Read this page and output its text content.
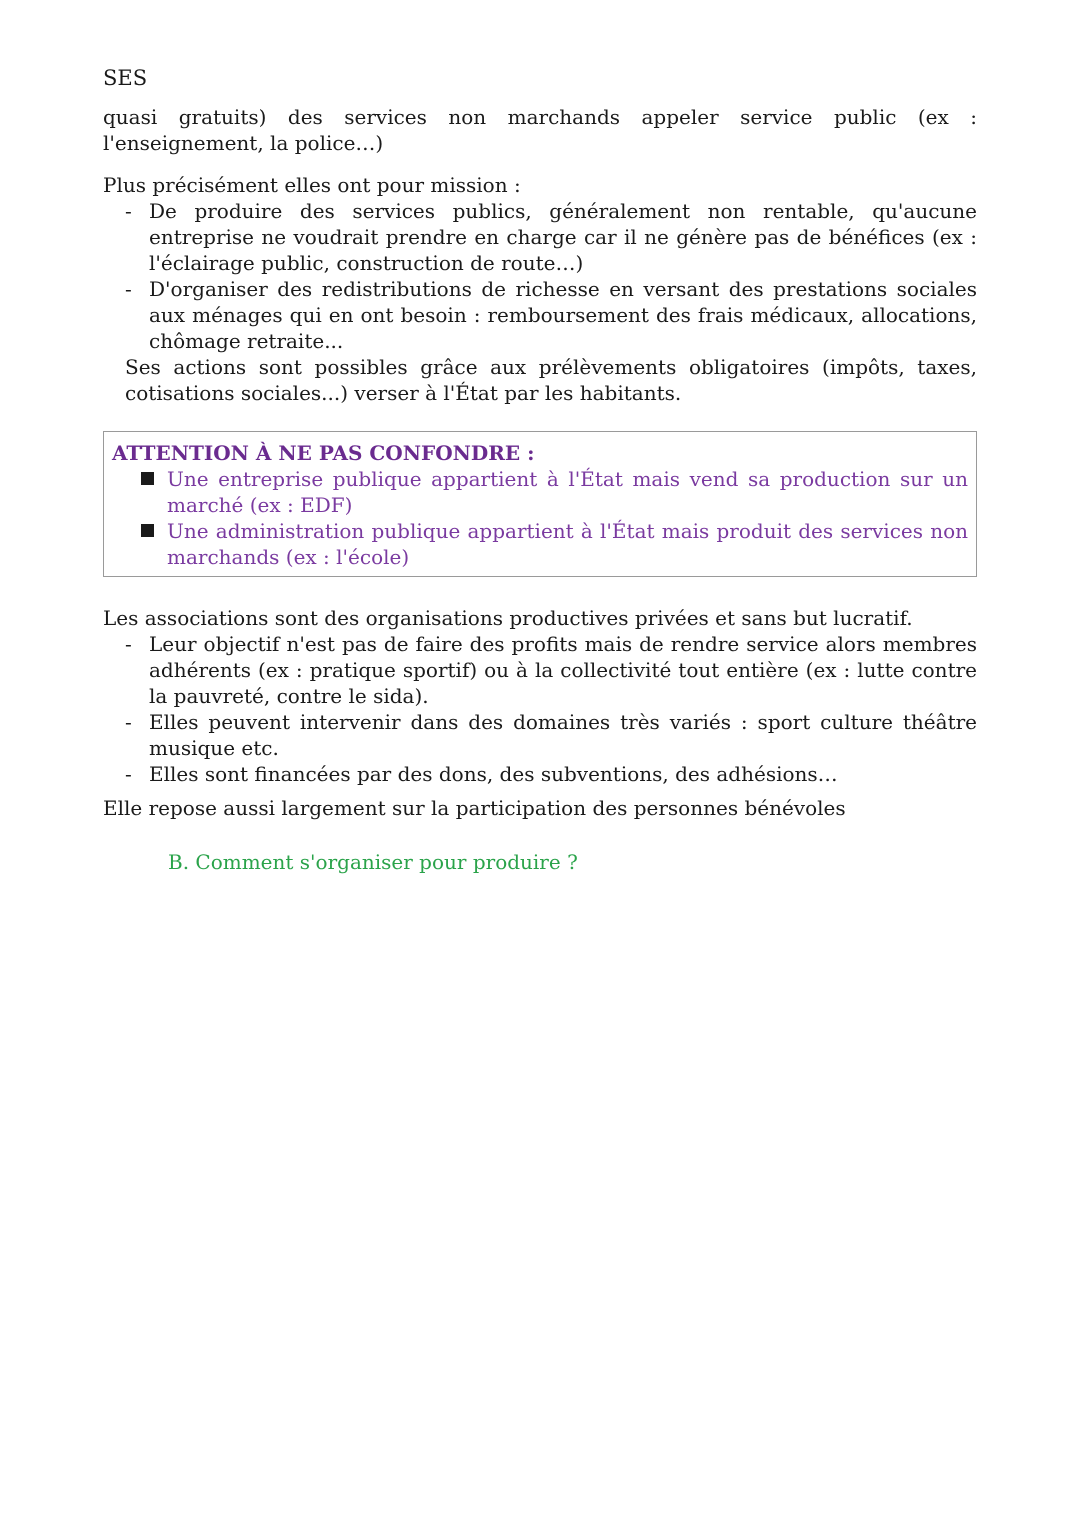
SES

quasi gratuits) des services non marchands appeler service public (ex : l'enseignement, la police…)

Plus précisément elles ont pour mission :

- De produire des services publics, généralement non rentable, qu'aucune entreprise ne voudrait prendre en charge car il ne génère pas de bénéfices (ex : l'éclairage public, construction de route…)
- D'organiser des redistributions de richesse en versant des prestations sociales aux ménages qui en ont besoin : remboursement des frais médicaux, allocations, chômage retraite...
Ses actions sont possibles grâce aux prélèvements obligatoires (impôts, taxes, cotisations sociales...) verser à l'État par les habitants.

ATTENTION À NE PAS CONFONDRE :

Une entreprise publique appartient à l'État mais vend sa production sur un marché (ex : EDF)
Une administration publique appartient à l'État mais produit des services non marchands (ex : l'école)

Les associations sont des organisations productives privées et sans but lucratif.

- Leur objectif n'est pas de faire des profits mais de rendre service alors membres adhérents (ex : pratique sportif) ou à la collectivité tout entière (ex : lutte contre la pauvreté, contre le sida).
- Elles peuvent intervenir dans des domaines très variés : sport culture théâtre musique etc.
- Elles sont financées par des dons, des subventions, des adhésions…

Elle repose aussi largement sur la participation des personnes bénévoles

B. Comment s'organiser pour produire ?
